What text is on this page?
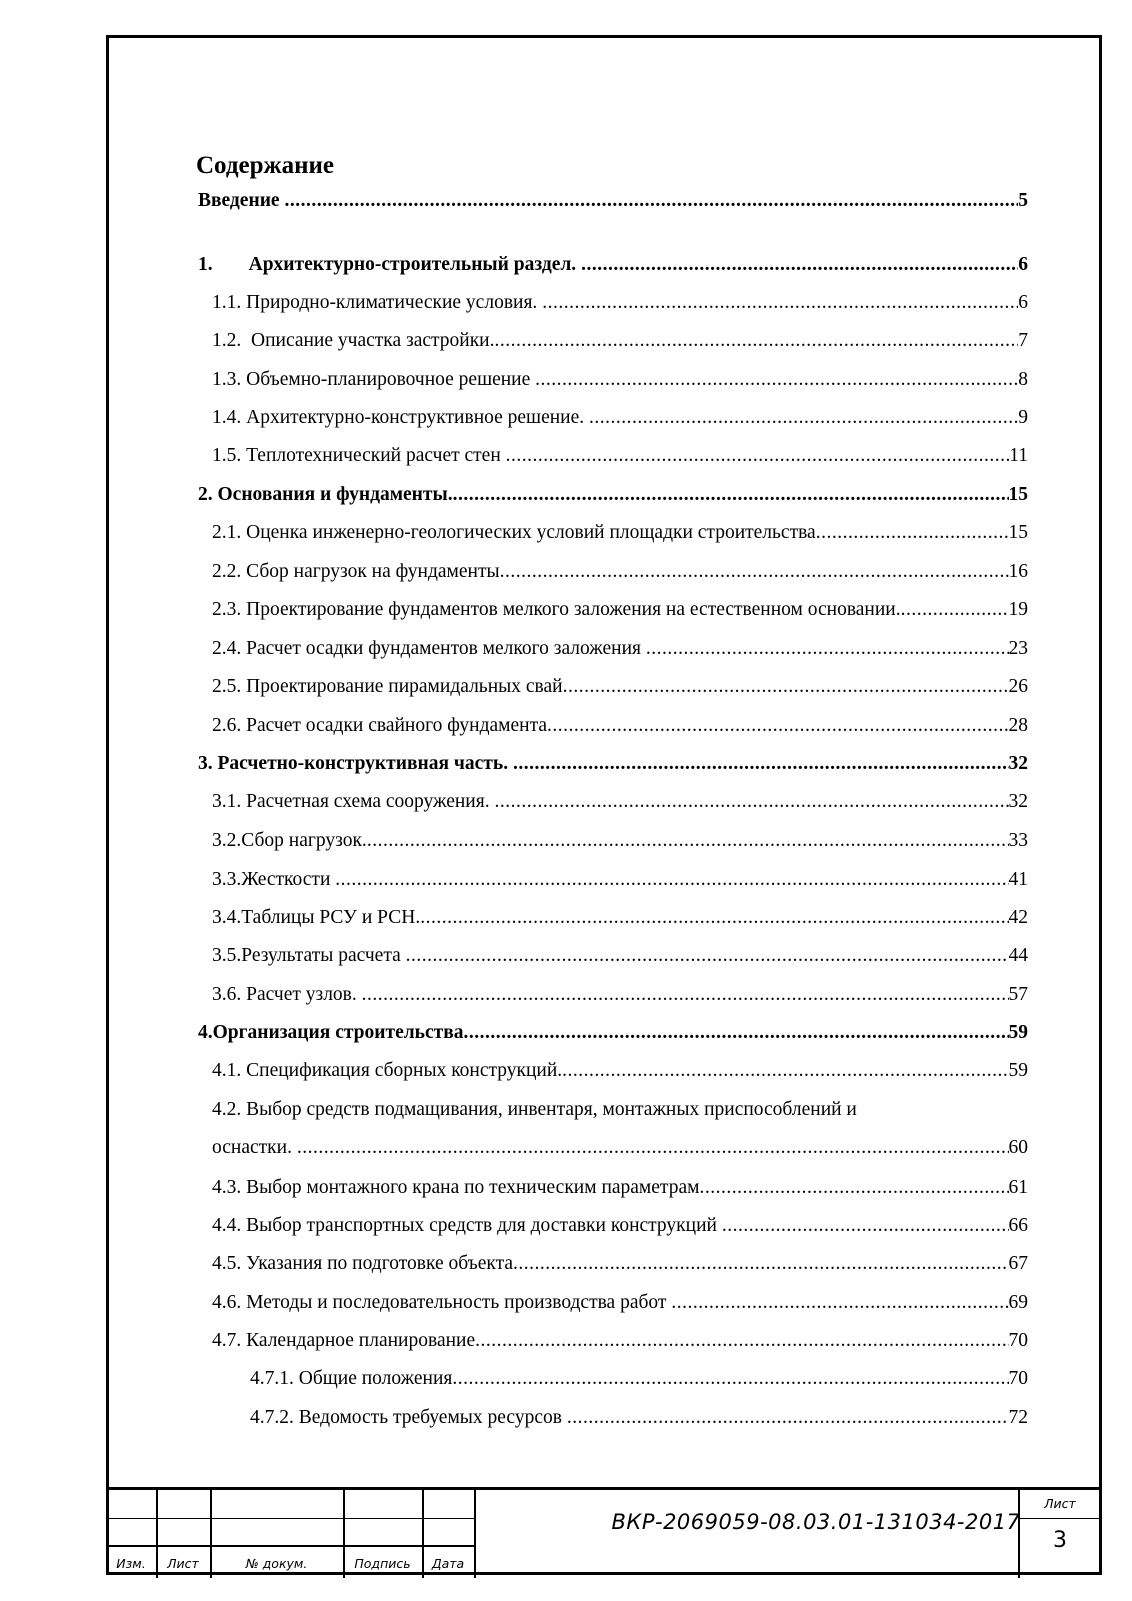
Содержание
Введение .....	5
1. Архитектурно-строительный раздел. .....	6
1.1. Природно-климатические условия. .....	6
1.2.  Описание участка застройки. .....	7
1.3. Объемно-планировочное решение .....	8
1.4. Архитектурно-конструктивное решение. .....	9
1.5. Теплотехнический расчет стен .....	11
2. Основания и фундаменты. .....	15
2.1. Оценка инженерно-геологических условий площадки строительства .....	15
2.2. Сбор нагрузок на фундаменты .....	16
2.3. Проектирование фундаментов мелкого заложения на естественном основании. .....	19
2.4. Расчет осадки фундаментов мелкого заложения .....	23
2.5. Проектирование пирамидальных свай .....	26
2.6. Расчет осадки свайного фундамента .....	28
3. Расчетно-конструктивная часть. .....	32
3.1. Расчетная схема сооружения. .....	32
3.2.Сбор нагрузок. .....	33
3.3.Жесткости .....	41
3.4.Таблицы РСУ и РСН. .....	42
3.5.Результаты расчета .....	44
3.6. Расчет узлов. .....	57
4.Организация строительства .....	59
4.1. Спецификация сборных конструкций. .....	59
4.2. Выбор средств подмащивания, инвентаря, монтажных приспособлений и
оснастки. .....	60
4.3. Выбор монтажного крана по техническим параметрам .....	61
4.4. Выбор транспортных средств для доставки конструкций .....	66
4.5. Указания по подготовке объекта .....	67
4.6. Методы и последовательность производства работ .....	69
4.7. Календарное планирование .....	70
4.7.1. Общие положения .....	70
4.7.2. Ведомость требуемых ресурсов .....	72
Изм.	Лист	№ докум.	Подпись	Дата
ВКР-2069059-08.03.01-131034-2017
Лист
3
